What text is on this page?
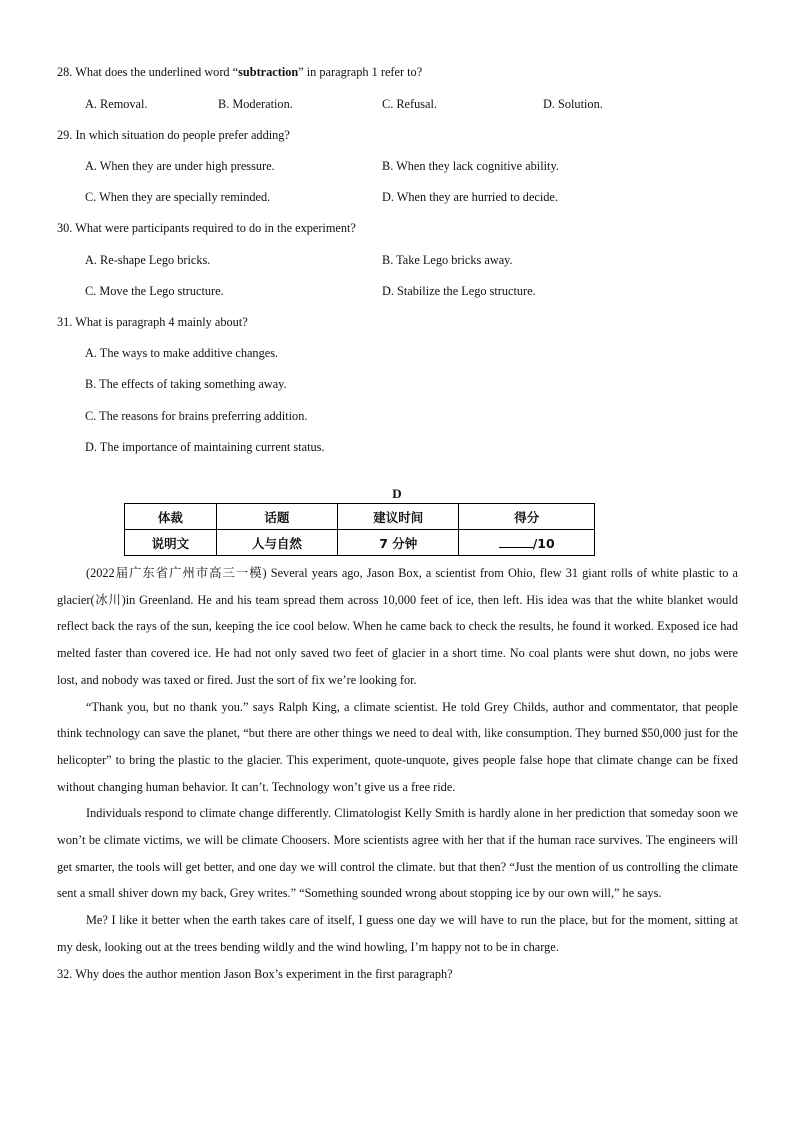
28. What does the underlined word “subtraction” in paragraph 1 refer to?
A. Removal.	B. Moderation.	C. Refusal.	D. Solution.
29. In which situation do people prefer adding?
A. When they are under high pressure.	B. When they lack cognitive ability.
C. When they are specially reminded.	D. When they are hurried to decide.
30. What were participants required to do in the experiment?
A. Re-shape Lego bricks.	B. Take Lego bricks away.
C. Move the Lego structure.	D. Stabilize the Lego structure.
31. What is paragraph 4 mainly about?
A. The ways to make additive changes.
B. The effects of taking something away.
C. The reasons for brains preferring addition.
D. The importance of maintaining current status.
D
体裁	话题	建议时间	得分
说明文	人与自然	7 分钟	/10

(2022届广东省广州市高三一模) Several years ago, Jason Box, a scientist from Ohio, flew 31 giant rolls of white plastic to a glacier(冰川)in Greenland. He and his team spread them across 10,000 feet of ice, then left. His idea was that the white blanket would reflect back the rays of the sun, keeping the ice cool below. When he came back to check the results, he found it worked. Exposed ice had melted faster than covered ice. He had not only saved two feet of glacier in a short time. No coal plants were shut down, no jobs were lost, and nobody was taxed or fired. Just the sort of fix we’re looking for.

“Thank you, but no thank you.” says Ralph King, a climate scientist. He told Grey Childs, author and commentator, that people think technology can save the planet, “but there are other things we need to deal with, like consumption. They burned $50,000 just for the helicopter” to bring the plastic to the glacier. This experiment, quote-unquote, gives people false hope that climate change can be fixed without changing human behavior. It can’t. Technology won’t give us a free ride.

Individuals respond to climate change differently. Climatologist Kelly Smith is hardly alone in her prediction that someday soon we won’t be climate victims, we will be climate Choosers. More scientists agree with her that if the human race survives. The engineers will get smarter, the tools will get better, and one day we will control the climate. but that then? “Just the mention of us controlling the climate sent a small shiver down my back, Grey writes.” “Something sounded wrong about stopping ice by our own will,” he says.

Me? I like it better when the earth takes care of itself, I guess one day we will have to run the place, but for the moment, sitting at my desk, looking out at the trees bending wildly and the wind howling, I’m happy not to be in charge.

32. Why does the author mention Jason Box’s experiment in the first paragraph?
